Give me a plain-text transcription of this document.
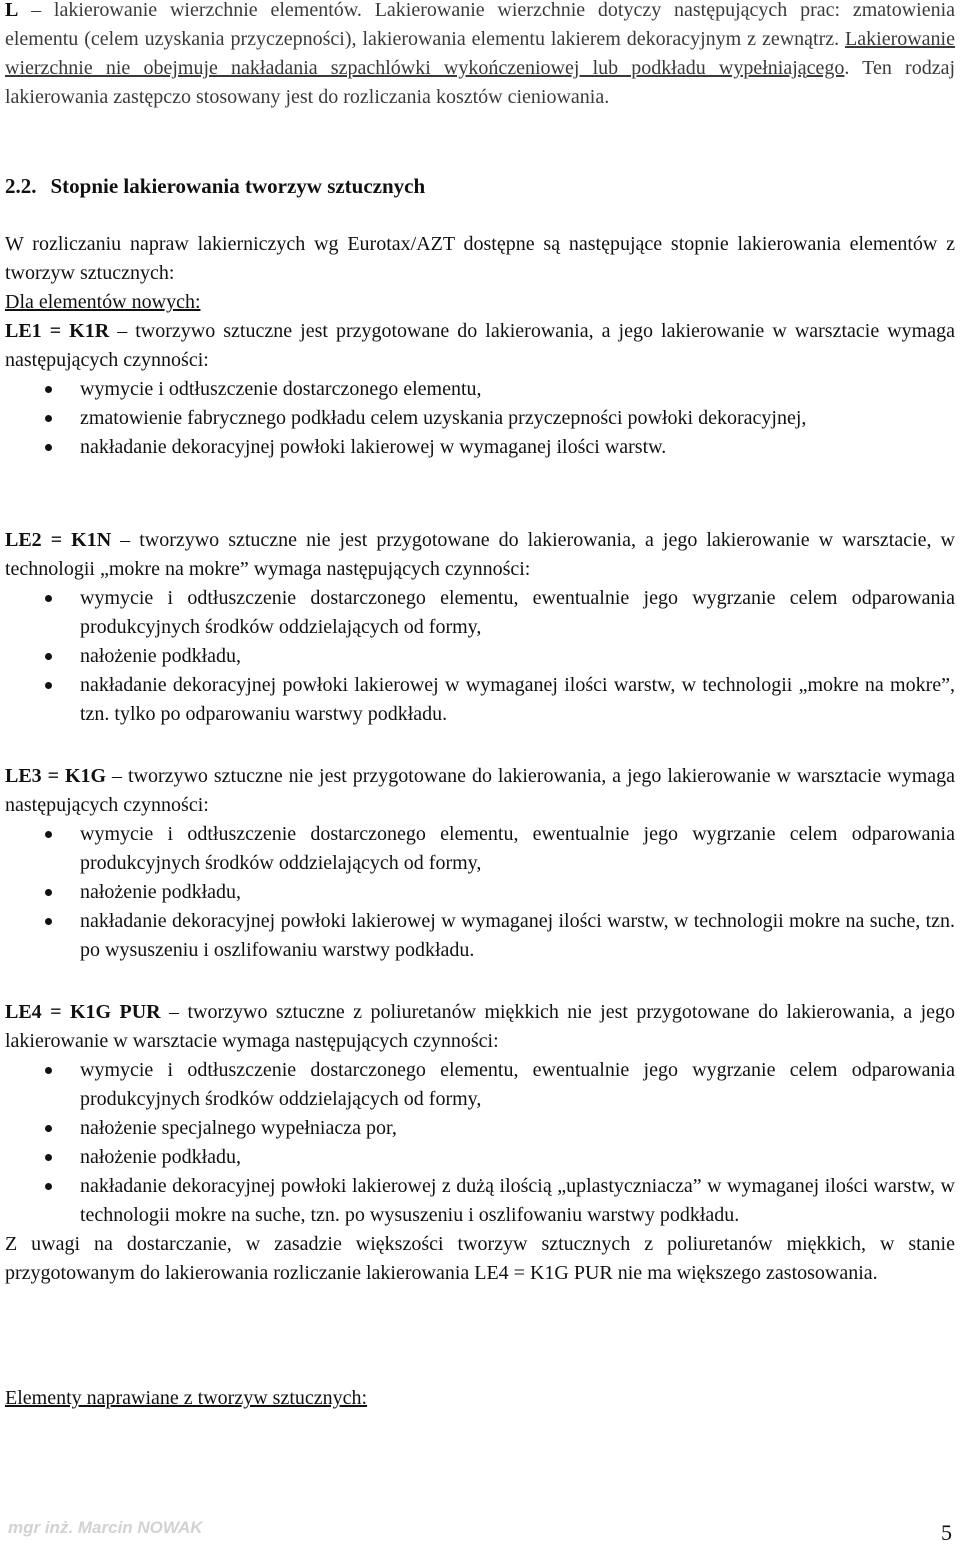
L – lakierowanie wierzchnie elementów. Lakierowanie wierzchnie dotyczy następujących prac: zmatowienia elementu (celem uzyskania przyczepności), lakierowania elementu lakierem dekoracyjnym z zewnątrz. Lakierowanie wierzchnie nie obejmuje nakładania szpachlówki wykończeniowej lub podkładu wypełniającego. Ten rodzaj lakierowania zastępczo stosowany jest do rozliczania kosztów cieniowania.

2.2. Stopnie lakierowania tworzyw sztucznych

W rozliczaniu napraw lakierniczych wg Eurotax/AZT dostępne są następujące stopnie lakierowania elementów z tworzyw sztucznych:

Dla elementów nowych:

LE1 = K1R – tworzywo sztuczne jest przygotowane do lakierowania, a jego lakierowanie w warsztacie wymaga następujących czynności:

wymycie i odtłuszczenie dostarczonego elementu,
zmatowienie fabrycznego podkładu celem uzyskania przyczepności powłoki dekoracyjnej,
nakładanie dekoracyjnej powłoki lakierowej w wymaganej ilości warstw.

LE2 = K1N – tworzywo sztuczne nie jest przygotowane do lakierowania, a jego lakierowanie w warsztacie, w technologii „mokre na mokre” wymaga następujących czynności:

wymycie i odtłuszczenie dostarczonego elementu, ewentualnie jego wygrzanie celem odparowania produkcyjnych środków oddzielających od formy,
nałożenie podkładu,
nakładanie dekoracyjnej powłoki lakierowej w wymaganej ilości warstw, w technologii „mokre na mokre”, tzn. tylko po odparowaniu warstwy podkładu.

LE3 = K1G – tworzywo sztuczne nie jest przygotowane do lakierowania, a jego lakierowanie w warsztacie wymaga następujących czynności:

wymycie i odtłuszczenie dostarczonego elementu, ewentualnie jego wygrzanie celem odparowania produkcyjnych środków oddzielających od formy,
nałożenie podkładu,
nakładanie dekoracyjnej powłoki lakierowej w wymaganej ilości warstw, w technologii mokre na suche, tzn. po wysuszeniu i oszlifowaniu warstwy podkładu.

LE4 = K1G PUR – tworzywo sztuczne z poliuretanów miękkich nie jest przygotowane do lakierowania, a jego lakierowanie w warsztacie wymaga następujących czynności:

wymycie i odtłuszczenie dostarczonego elementu, ewentualnie jego wygrzanie celem odparowania produkcyjnych środków oddzielających od formy,
nałożenie specjalnego wypełniacza por,
nałożenie podkładu,
nakładanie dekoracyjnej powłoki lakierowej z dużą ilością „uplastyczniacza” w wymaganej ilości warstw, w technologii mokre na suche, tzn. po wysuszeniu i oszlifowaniu warstwy podkładu.

Z uwagi na dostarczanie, w zasadzie większości tworzyw sztucznych z poliuretanów miękkich, w stanie przygotowanym do lakierowania rozliczanie lakierowania LE4 = K1G PUR nie ma większego zastosowania.

Elementy naprawiane z tworzyw sztucznych:

mgr inż. Marcin NOWAK	5
